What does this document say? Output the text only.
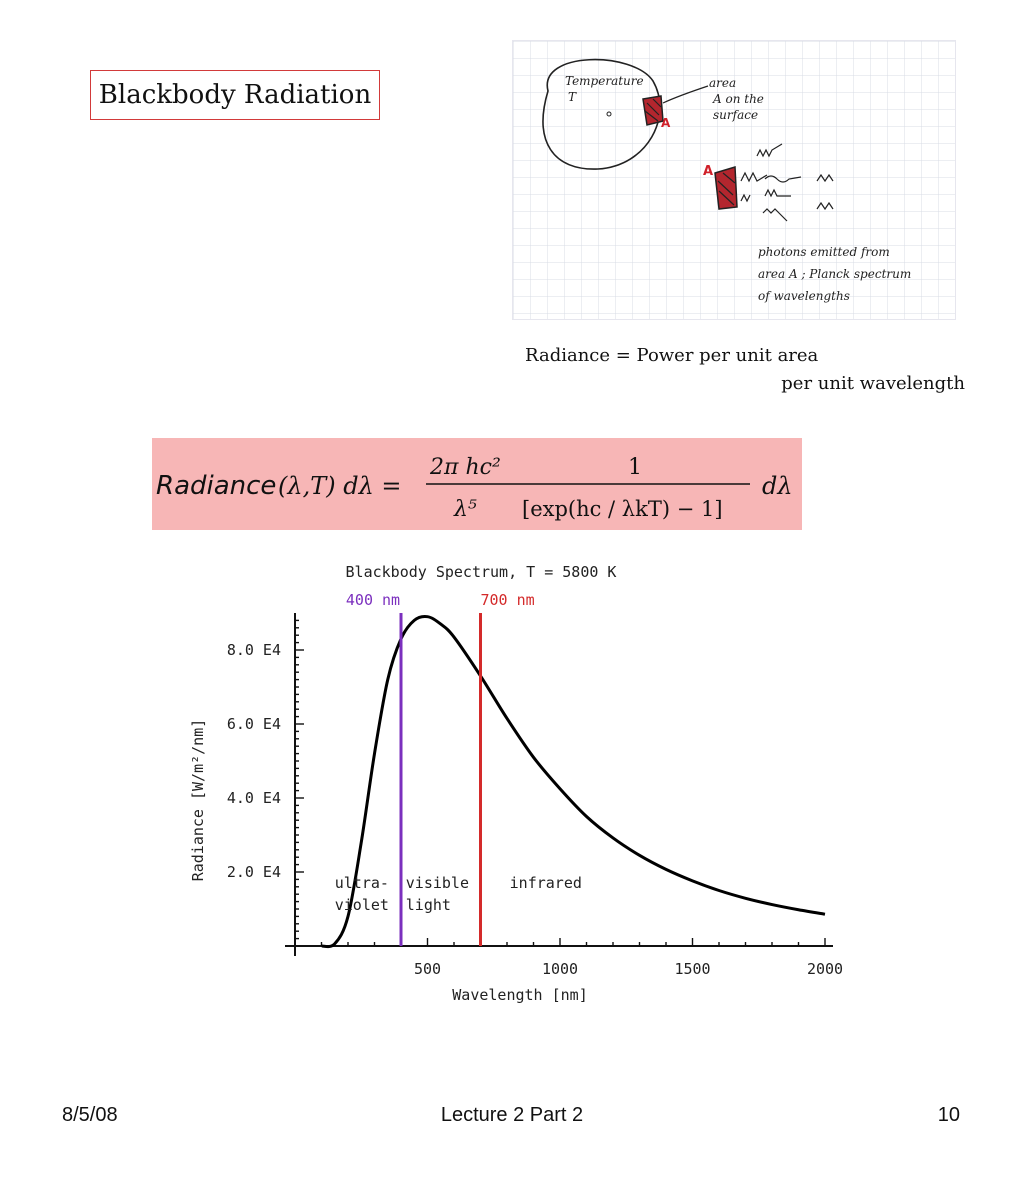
Blackbody Radiation	Temperature
T
A
area
A on the
surface
A
photons emitted from
area A ; Planck spectrum
of wavelengths
Radiance = Power per unit area
per unit wavelength
Radiance (λ,T) dλ =
2π hc²
λ⁵
1
[exp(hc / λkT) − 1]
dλ
Blackbody Spectrum, T = 5800 K
400 nm	700 nm
500	1000	1500	2000
2.0 E4
4.0 E4
6.0 E4
8.0 E4
ultra-
violet
visible
light
infrared
Wavelength [nm]
Radiance [W/m²/nm]
8/5/08	Lecture 2 Part 2	10
